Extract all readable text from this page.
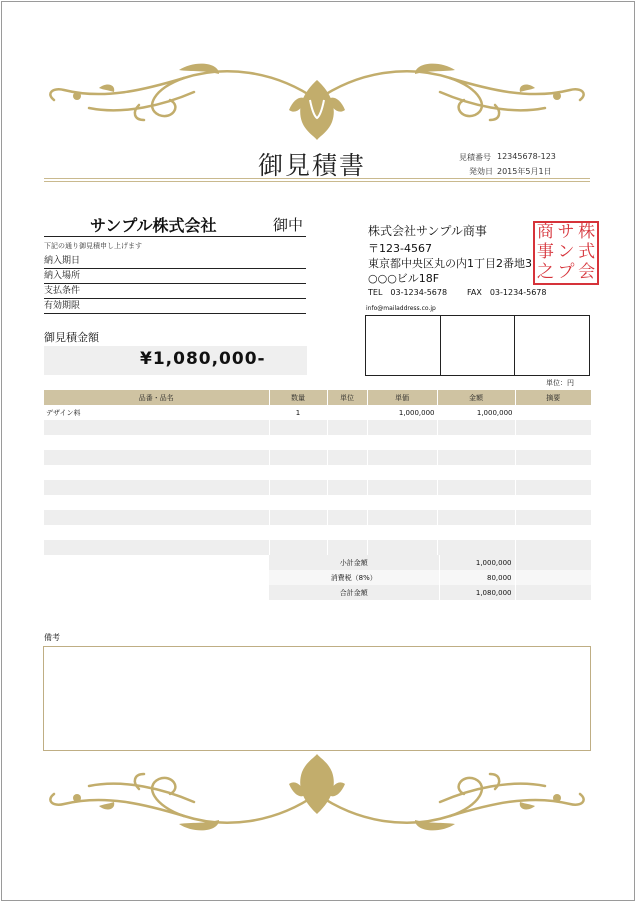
御見積書	見積番号 12345678-123
発効日 2015年5月1日
サンプル株式会社	御中
下記の通り御見積申し上げます
納入期日
納入場所
支払条件
有効期限
御見積金額
¥1,080,000-
株式会社サンプル商事
〒123-4567
東京都中央区丸の内1丁目2番地3
○○○ビル18F
TEL　03-1234-5678 FAX　03-1234-5678
info@mailaddress.co.jp
商 サ 株
事 ン 式
之 プ 会
単位：円
品番・品名	数量	単位	単価	金額	摘要
デザイン料	1		1,000,000	1,000,000	

小計金額	1,000,000	
消費税（8%）	80,000	
合計金額	1,080,000	
備考
